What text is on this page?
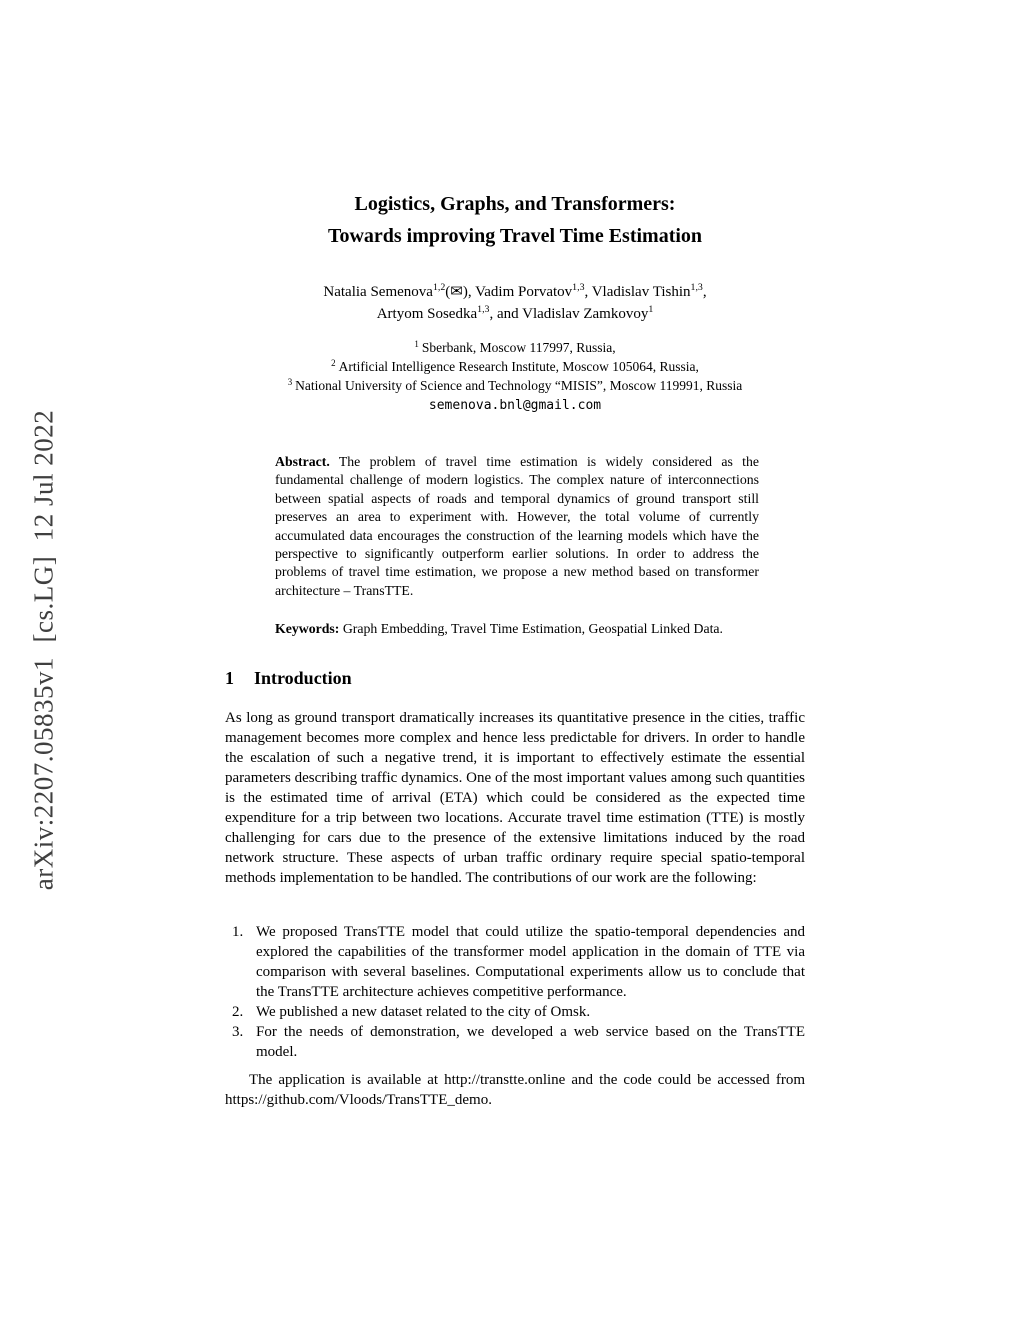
arXiv:2207.05835v1  [cs.LG]  12 Jul 2022
Logistics, Graphs, and Transformers:
Towards improving Travel Time Estimation
Natalia Semenova$^{1,2}$(✉), Vadim Porvatov$^{1,3}$, Vladislav Tishin$^{1,3}$,
Artyom Sosedka$^{1,3}$, and Vladislav Zamkovoy$^1$
$^1$ Sberbank, Moscow 117997, Russia,
$^2$ Artificial Intelligence Research Institute, Moscow 105064, Russia,
$^3$ National University of Science and Technology “MISIS”, Moscow 119991, Russia
semenova.bnl@gmail.com
Abstract. The problem of travel time estimation is widely considered as the fundamental challenge of modern logistics. The complex nature of interconnections between spatial aspects of roads and temporal dynamics of ground transport still preserves an area to experiment with. However, the total volume of currently accumulated data encourages the construction of the learning models which have the perspective to significantly outperform earlier solutions. In order to address the problems of travel time estimation, we propose a new method based on transformer architecture – TransTTE.
Keywords: Graph Embedding, Travel Time Estimation, Geospatial Linked Data.
1 Introduction
As long as ground transport dramatically increases its quantitative presence in the cities, traffic management becomes more complex and hence less predictable for drivers. In order to handle the escalation of such a negative trend, it is important to effectively estimate the essential parameters describing traffic dynamics. One of the most important values among such quantities is the estimated time of arrival (ETA) which could be considered as the expected time expenditure for a trip between two locations. Accurate travel time estimation (TTE) is mostly challenging for cars due to the presence of the extensive limitations induced by the road network structure. These aspects of urban traffic ordinary require special spatio-temporal methods implementation to be handled. The contributions of our work are the following:
1. We proposed TransTTE model that could utilize the spatio-temporal dependencies and explored the capabilities of the transformer model application in the domain of TTE via comparison with several baselines. Computational experiments allow us to conclude that the TransTTE architecture achieves competitive performance.
2. We published a new dataset related to the city of Omsk.
3. For the needs of demonstration, we developed a web service based on the TransTTE model.
The application is available at http://transtte.online and the code could be accessed from https://github.com/Vloods/TransTTE_demo.
